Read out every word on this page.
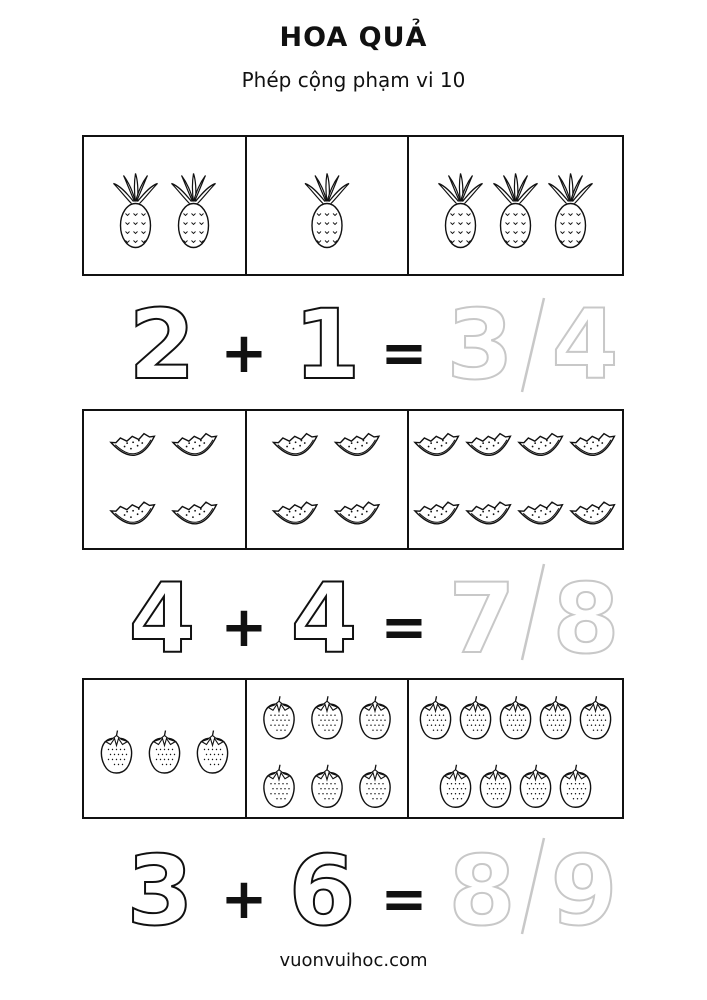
HOA QUẢ
Phép cộng phạm vi 10
2 + 1 = 3 4
4 + 4 = 7 8
3 + 6 = 8 9
vuonvuihoc.com
